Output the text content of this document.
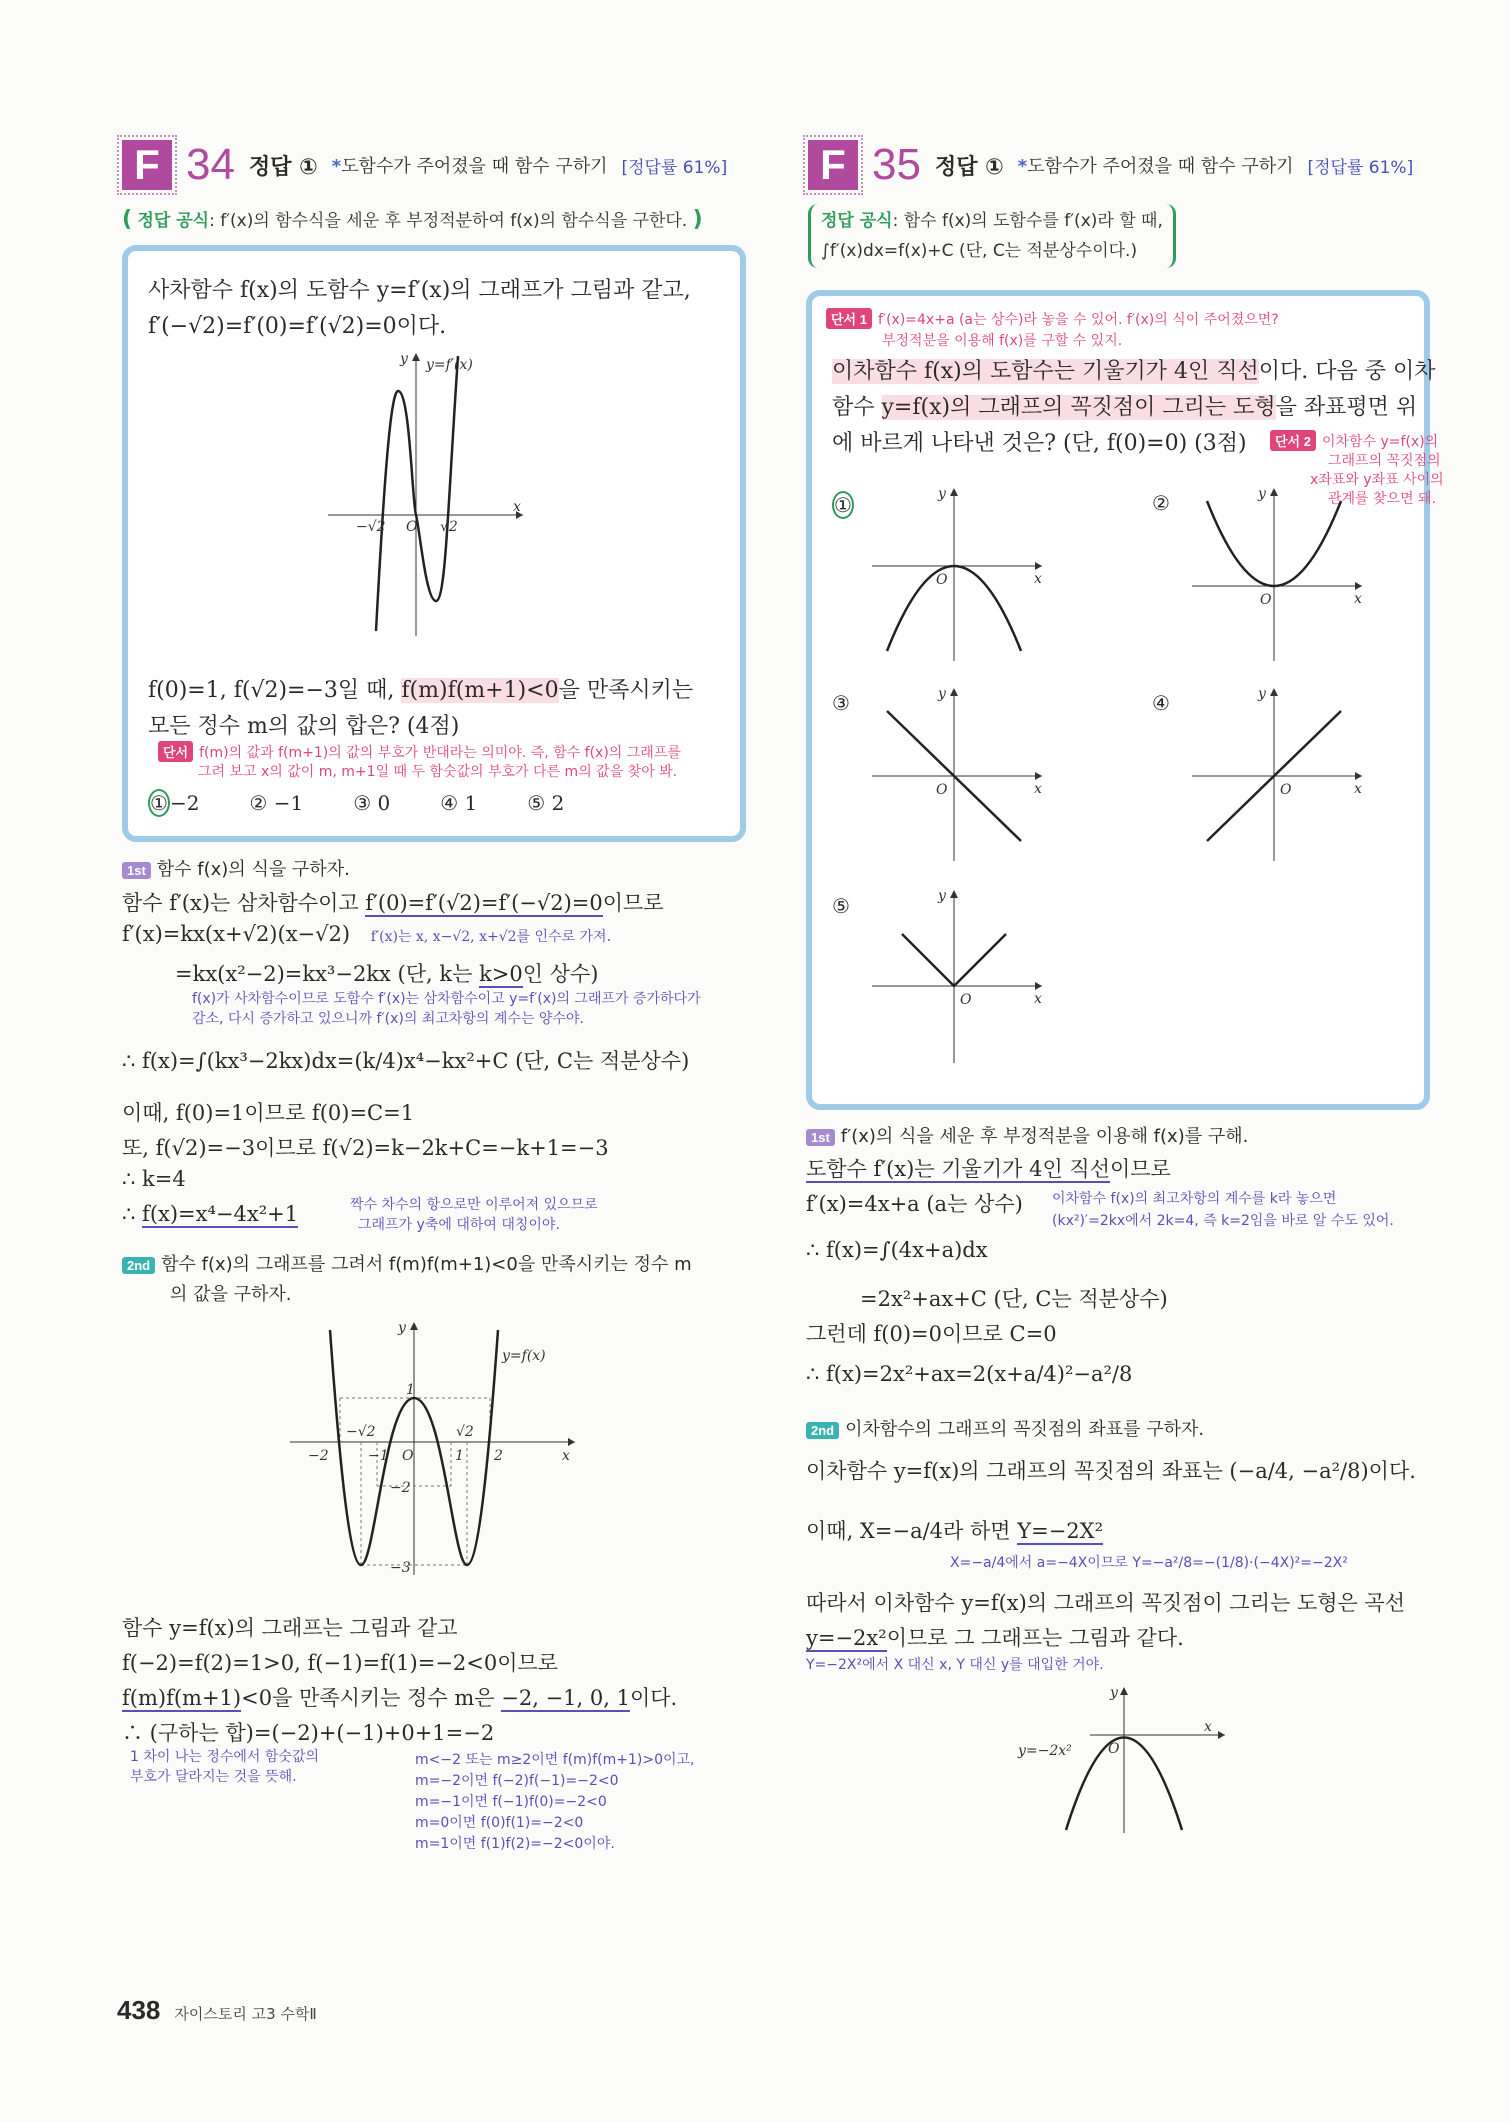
F 34 정답 ① *도함수가 주어졌을 때 함수 구하기 [정답률 61%]
( 정답 공식: f′(x)의 함수식을 세운 후 부정적분하여 f(x)의 함수식을 구한다. )
사차함수 f(x)의 도함수 y=f′(x)의 그래프가 그림과 같고,
f′(−√2)=f′(0)=f′(√2)=0이다.
y
x
O
y=f′(x)
−√2	√2
f(0)=1, f(√2)=−3일 때, f(m)f(m+1)<0을 만족시키는
모든 정수 m의 값의 합은? (4점)
단서 f(m)의 값과 f(m+1)의 값의 부호가 반대라는 의미야. 즉, 함수 f(x)의 그래프를
그려 보고 x의 값이 m, m+1일 때 두 함숫값의 부호가 다른 m의 값을 찾아 봐.
① −2	② −1	③ 0	④ 1	⑤ 2
1st 함수 f(x)의 식을 구하자.
함수 f′(x)는 삼차함수이고 f′(0)=f′(√2)=f′(−√2)=0이므로
f′(x)=kx(x+√2)(x−√2) f′(x)는 x, x−√2, x+√2를 인수로 가져.
=kx(x²−2)=kx³−2kx (단, k는 k>0인 상수)
f(x)가 사차함수이므로 도함수 f′(x)는 삼차함수이고 y=f′(x)의 그래프가 증가하다가
감소, 다시 증가하고 있으니까 f′(x)의 최고차항의 계수는 양수야.
∴ f(x)=∫(kx³−2kx)dx=(k/4)x⁴−kx²+C (단, C는 적분상수)
이때, f(0)=1이므로 f(0)=C=1
또, f(√2)=−3이므로 f(√2)=k−2k+C=−k+1=−3
∴ k=4
∴ f(x)=x⁴−4x²+1	짝수 차수의 항으로만 이루어져 있으므로
그래프가 y축에 대하여 대칭이야.
2nd 함수 f(x)의 그래프를 그려서 f(m)f(m+1)<0을 만족시키는 정수 m
의 값을 구하자.
y
x
O
y=f(x)
1
−2
−√2
−1	1
√2
2
−2
−3
함수 y=f(x)의 그래프는 그림과 같고
f(−2)=f(2)=1>0, f(−1)=f(1)=−2<0이므로
f(m)f(m+1)<0을 만족시키는 정수 m은 −2, −1, 0, 1이다.
∴ (구하는 합)=(−2)+(−1)+0+1=−2
1 차이 나는 정수에서 함숫값의
부호가 달라지는 것을 뜻해.
m<−2 또는 m≥2이면 f(m)f(m+1)>0이고,
m=−2이면 f(−2)f(−1)=−2<0
m=−1이면 f(−1)f(0)=−2<0
m=0이면 f(0)f(1)=−2<0
m=1이면 f(1)f(2)=−2<0이야.
F 35 정답 ① *도함수가 주어졌을 때 함수 구하기 [정답률 61%]
정답 공식: 함수 f(x)의 도함수를 f′(x)라 할 때,
∫f′(x)dx=f(x)+C (단, C는 적분상수이다.)
단서 1 f′(x)=4x+a (a는 상수)라 놓을 수 있어. f′(x)의 식이 주어졌으면?
부정적분을 이용해 f(x)를 구할 수 있지.
이차함수 f(x)의 도함수는 기울기가 4인 직선이다. 다음 중 이차
함수 y=f(x)의 그래프의 꼭짓점이 그리는 도형을 좌표평면 위
에 바르게 나타낸 것은? (단, f(0)=0) (3점)	단서 2 이차함수 y=f(x)의
그래프의 꼭짓점의
x좌표와 y좌표 사이의
관계를 찾으면 돼.
①	y
x
O
②	y
x
O
③	y
x
O
④	y
x
O
⑤	y
x
O
1st f′(x)의 식을 세운 후 부정적분을 이용해 f(x)를 구해.
도함수 f′(x)는 기울기가 4인 직선이므로
f′(x)=4x+a (a는 상수) 이차함수 f(x)의 최고차항의 계수를 k라 놓으면
(kx²)′=2kx에서 2k=4, 즉 k=2임을 바로 알 수도 있어.
∴ f(x)=∫(4x+a)dx
=2x²+ax+C (단, C는 적분상수)
그런데 f(0)=0이므로 C=0
∴ f(x)=2x²+ax=2(x+a/4)²−a²/8
2nd 이차함수의 그래프의 꼭짓점의 좌표를 구하자.
이차함수 y=f(x)의 그래프의 꼭짓점의 좌표는 (−a/4, −a²/8)이다.
이때, X=−a/4라 하면 Y=−2X²
X=−a/4에서 a=−4X이므로 Y=−a²/8=−(1/8)·(−4X)²=−2X²
따라서 이차함수 y=f(x)의 그래프의 꼭짓점이 그리는 도형은 곡선
y=−2x²이므로 그 그래프는 그림과 같다.
Y=−2X²에서 X 대신 x, Y 대신 y를 대입한 거야.
y
x
O
y=−2x²
438 자이스토리 고3 수학Ⅱ
